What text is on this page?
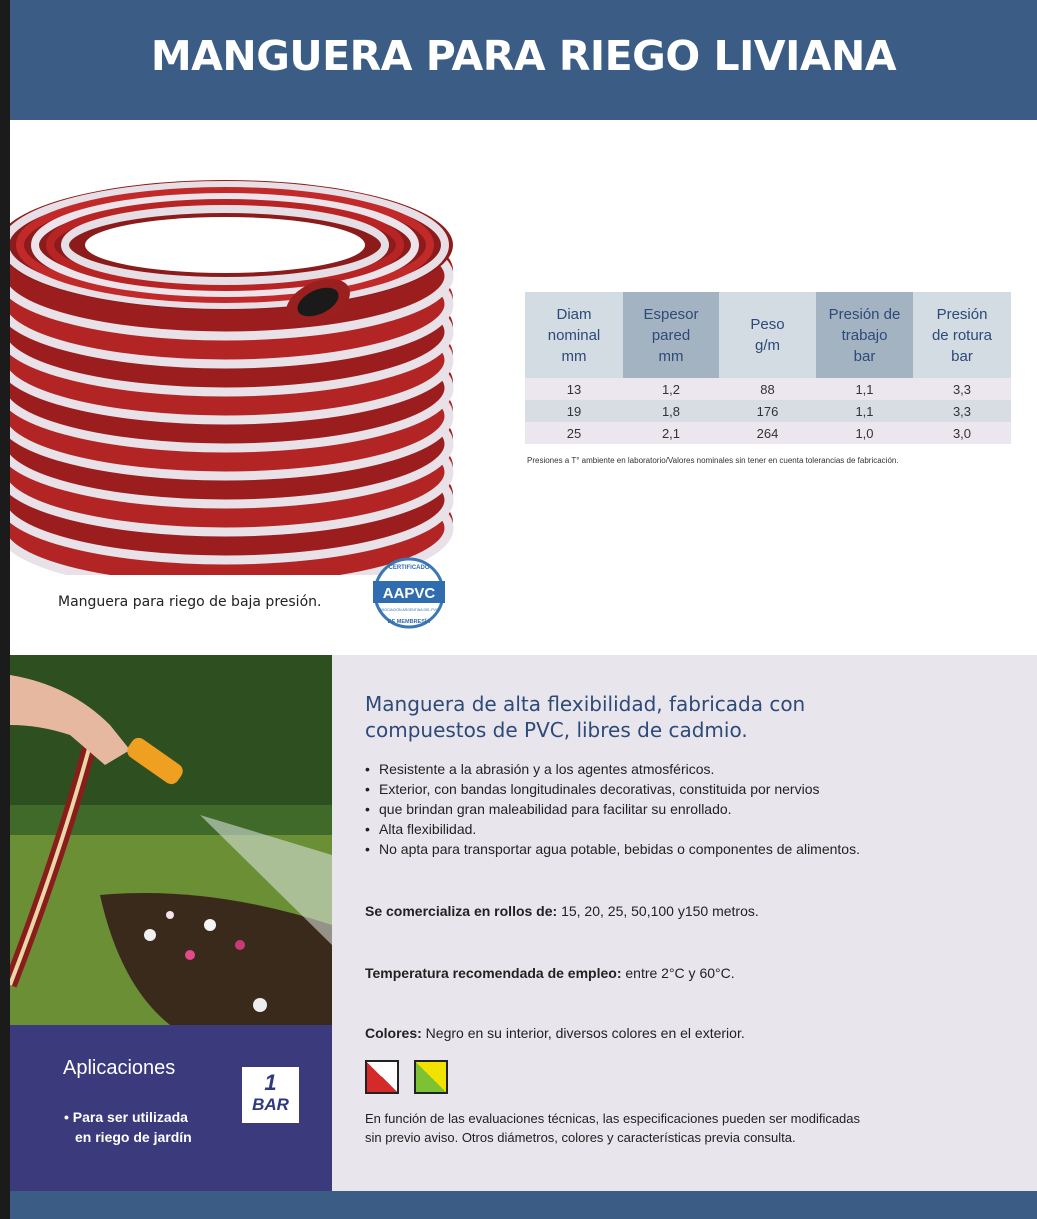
MANGUERA PARA RIEGO LIVIANA

Manguera para riego de baja presión.	AAPVC
CERTIFICADO
ASOCIACIÓN ARGENTINA DEL PVC
DE MEMBRESÍA
Diam
nominal
mm	Espesor
pared
mm	Peso
g/m	Presión de
trabajo
bar	Presión
de rotura
bar
13	1,2	88	1,1	3,3
19	1,8	176	1,1	3,3
25	2,1	264	1,0	3,0

Presiones a T° ambiente en laboratorio/Valores nominales sin tener en cuenta tolerancias de fabricación.

Aplicaciones

• Para ser utilizada
en riego de jardín

1
BAR

Manguera de alta flexibilidad, fabricada con compuestos de PVC, libres de cadmio.

• Resistente a la abrasión y a los agentes atmosféricos.
• Exterior, con bandas longitudinales decorativas, constituida por nervios
• que brindan gran maleabilidad para facilitar su enrollado.
• Alta flexibilidad.
• No apta para transportar agua potable, bebidas o componentes de alimentos.

Se comercializa en rollos de: 15, 20, 25, 50,100 y150 metros.

Temperatura recomendada de empleo: entre 2°C y 60°C.

Colores: Negro en su interior, diversos colores en el exterior.

En función de las evaluaciones técnicas, las especificaciones pueden ser modificadas
sin previo aviso. Otros diámetros, colores y características previa consulta.
